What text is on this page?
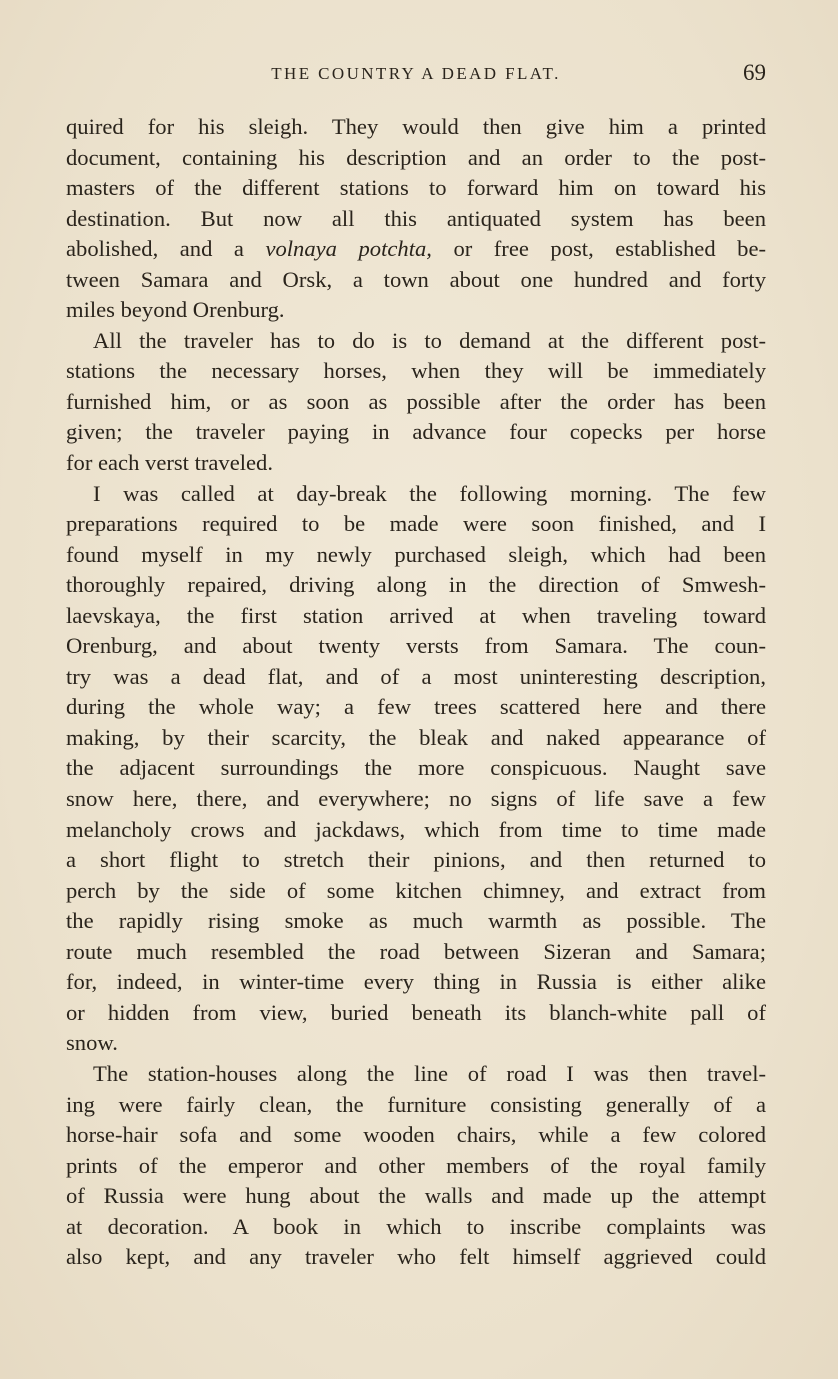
THE COUNTRY A DEAD FLAT.	69
quired for his sleigh. They would then give him a printed
document, containing his description and an order to the post-
masters of the different stations to forward him on toward his
destination. But now all this antiquated system has been
abolished, and a volnaya potchta, or free post, established be-
tween Samara and Orsk, a town about one hundred and forty
miles beyond Orenburg.
All the traveler has to do is to demand at the different post-
stations the necessary horses, when they will be immediately
furnished him, or as soon as possible after the order has been
given; the traveler paying in advance four copecks per horse
for each verst traveled.
I was called at day-break the following morning. The few
preparations required to be made were soon finished, and I
found myself in my newly purchased sleigh, which had been
thoroughly repaired, driving along in the direction of Smwesh-
laevskaya, the first station arrived at when traveling toward
Orenburg, and about twenty versts from Samara. The coun-
try was a dead flat, and of a most uninteresting description,
during the whole way; a few trees scattered here and there
making, by their scarcity, the bleak and naked appearance of
the adjacent surroundings the more conspicuous. Naught save
snow here, there, and everywhere; no signs of life save a few
melancholy crows and jackdaws, which from time to time made
a short flight to stretch their pinions, and then returned to
perch by the side of some kitchen chimney, and extract from
the rapidly rising smoke as much warmth as possible. The
route much resembled the road between Sizeran and Samara;
for, indeed, in winter-time every thing in Russia is either alike
or hidden from view, buried beneath its blanch-white pall of
snow.
The station-houses along the line of road I was then travel-
ing were fairly clean, the furniture consisting generally of a
horse-hair sofa and some wooden chairs, while a few colored
prints of the emperor and other members of the royal family
of Russia were hung about the walls and made up the attempt
at decoration. A book in which to inscribe complaints was
also kept, and any traveler who felt himself aggrieved could
